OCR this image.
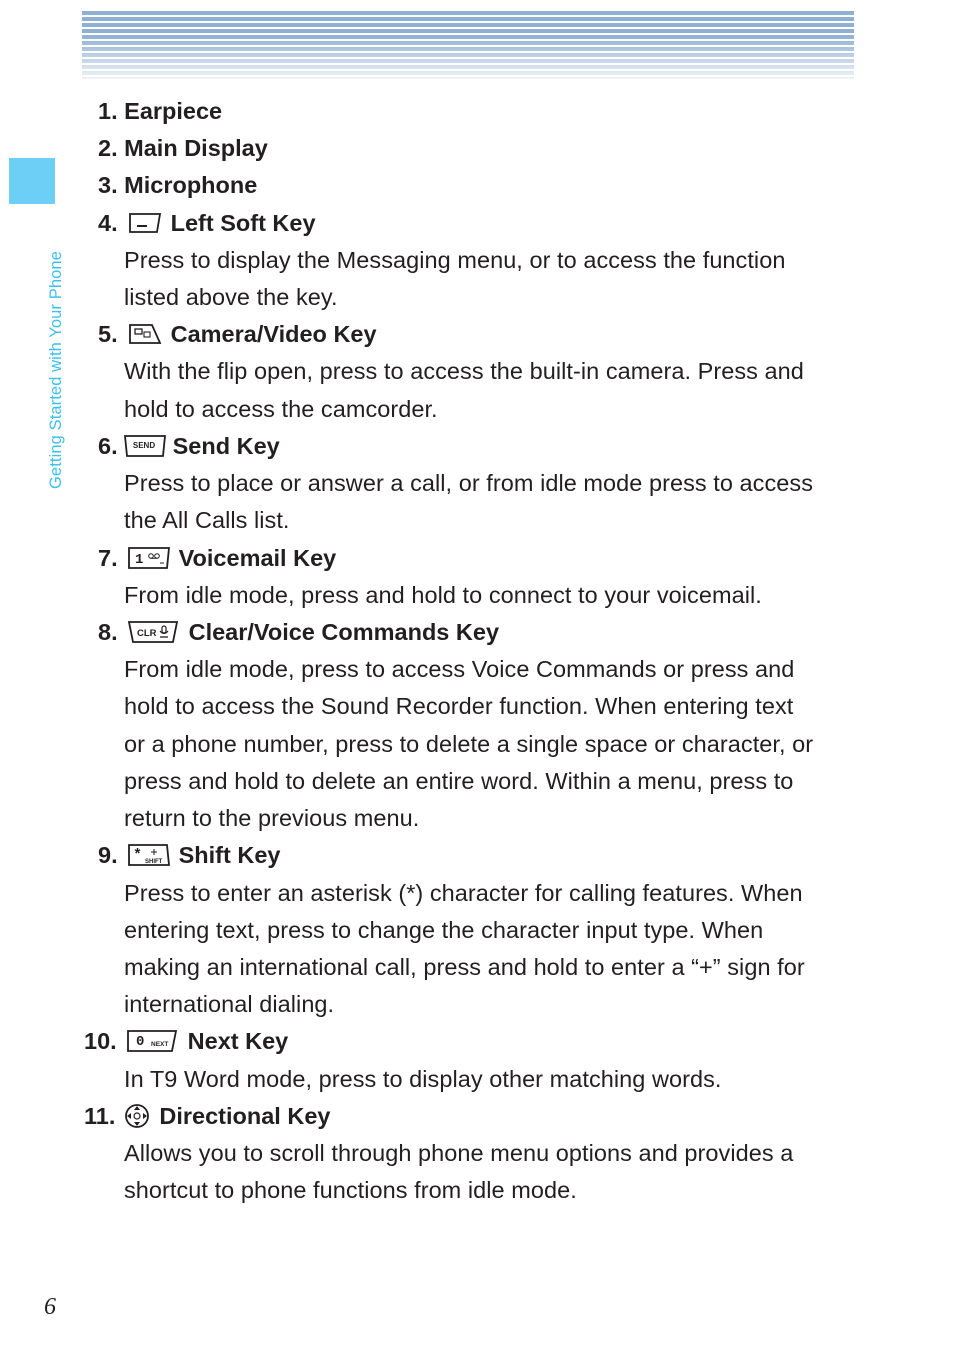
Getting Started with Your Phone
6
1. Earpiece
2. Main Display
3. Microphone
4. Left Soft Key
Press to display the Messaging menu, or to access the function
listed above the key.
5. Camera/Video Key
With the flip open, press to access the built-in camera. Press and
hold to access the camcorder.
6. SEND Send Key
Press to place or answer a call, or from idle mode press to access
the All Calls list.
7. 1 Voicemail Key
From idle mode, press and hold to connect to your voicemail.
8. CLR Clear/Voice Commands Key
From idle mode, press to access Voice Commands or press and
hold to access the Sound Recorder function. When entering text
or a phone number, press to delete a single space or character, or
press and hold to delete an entire word. Within a menu, press to
return to the previous menu.
9. * SHIFT Shift Key
Press to enter an asterisk (*) character for calling features. When
entering text, press to change the character input type. When
making an international call, press and hold to enter a “+” sign for
international dialing.
10. 0 NEXT Next Key
In T9 Word mode, press to display other matching words.
11. Directional Key
Allows you to scroll through phone menu options and provides a
shortcut to phone functions from idle mode.
